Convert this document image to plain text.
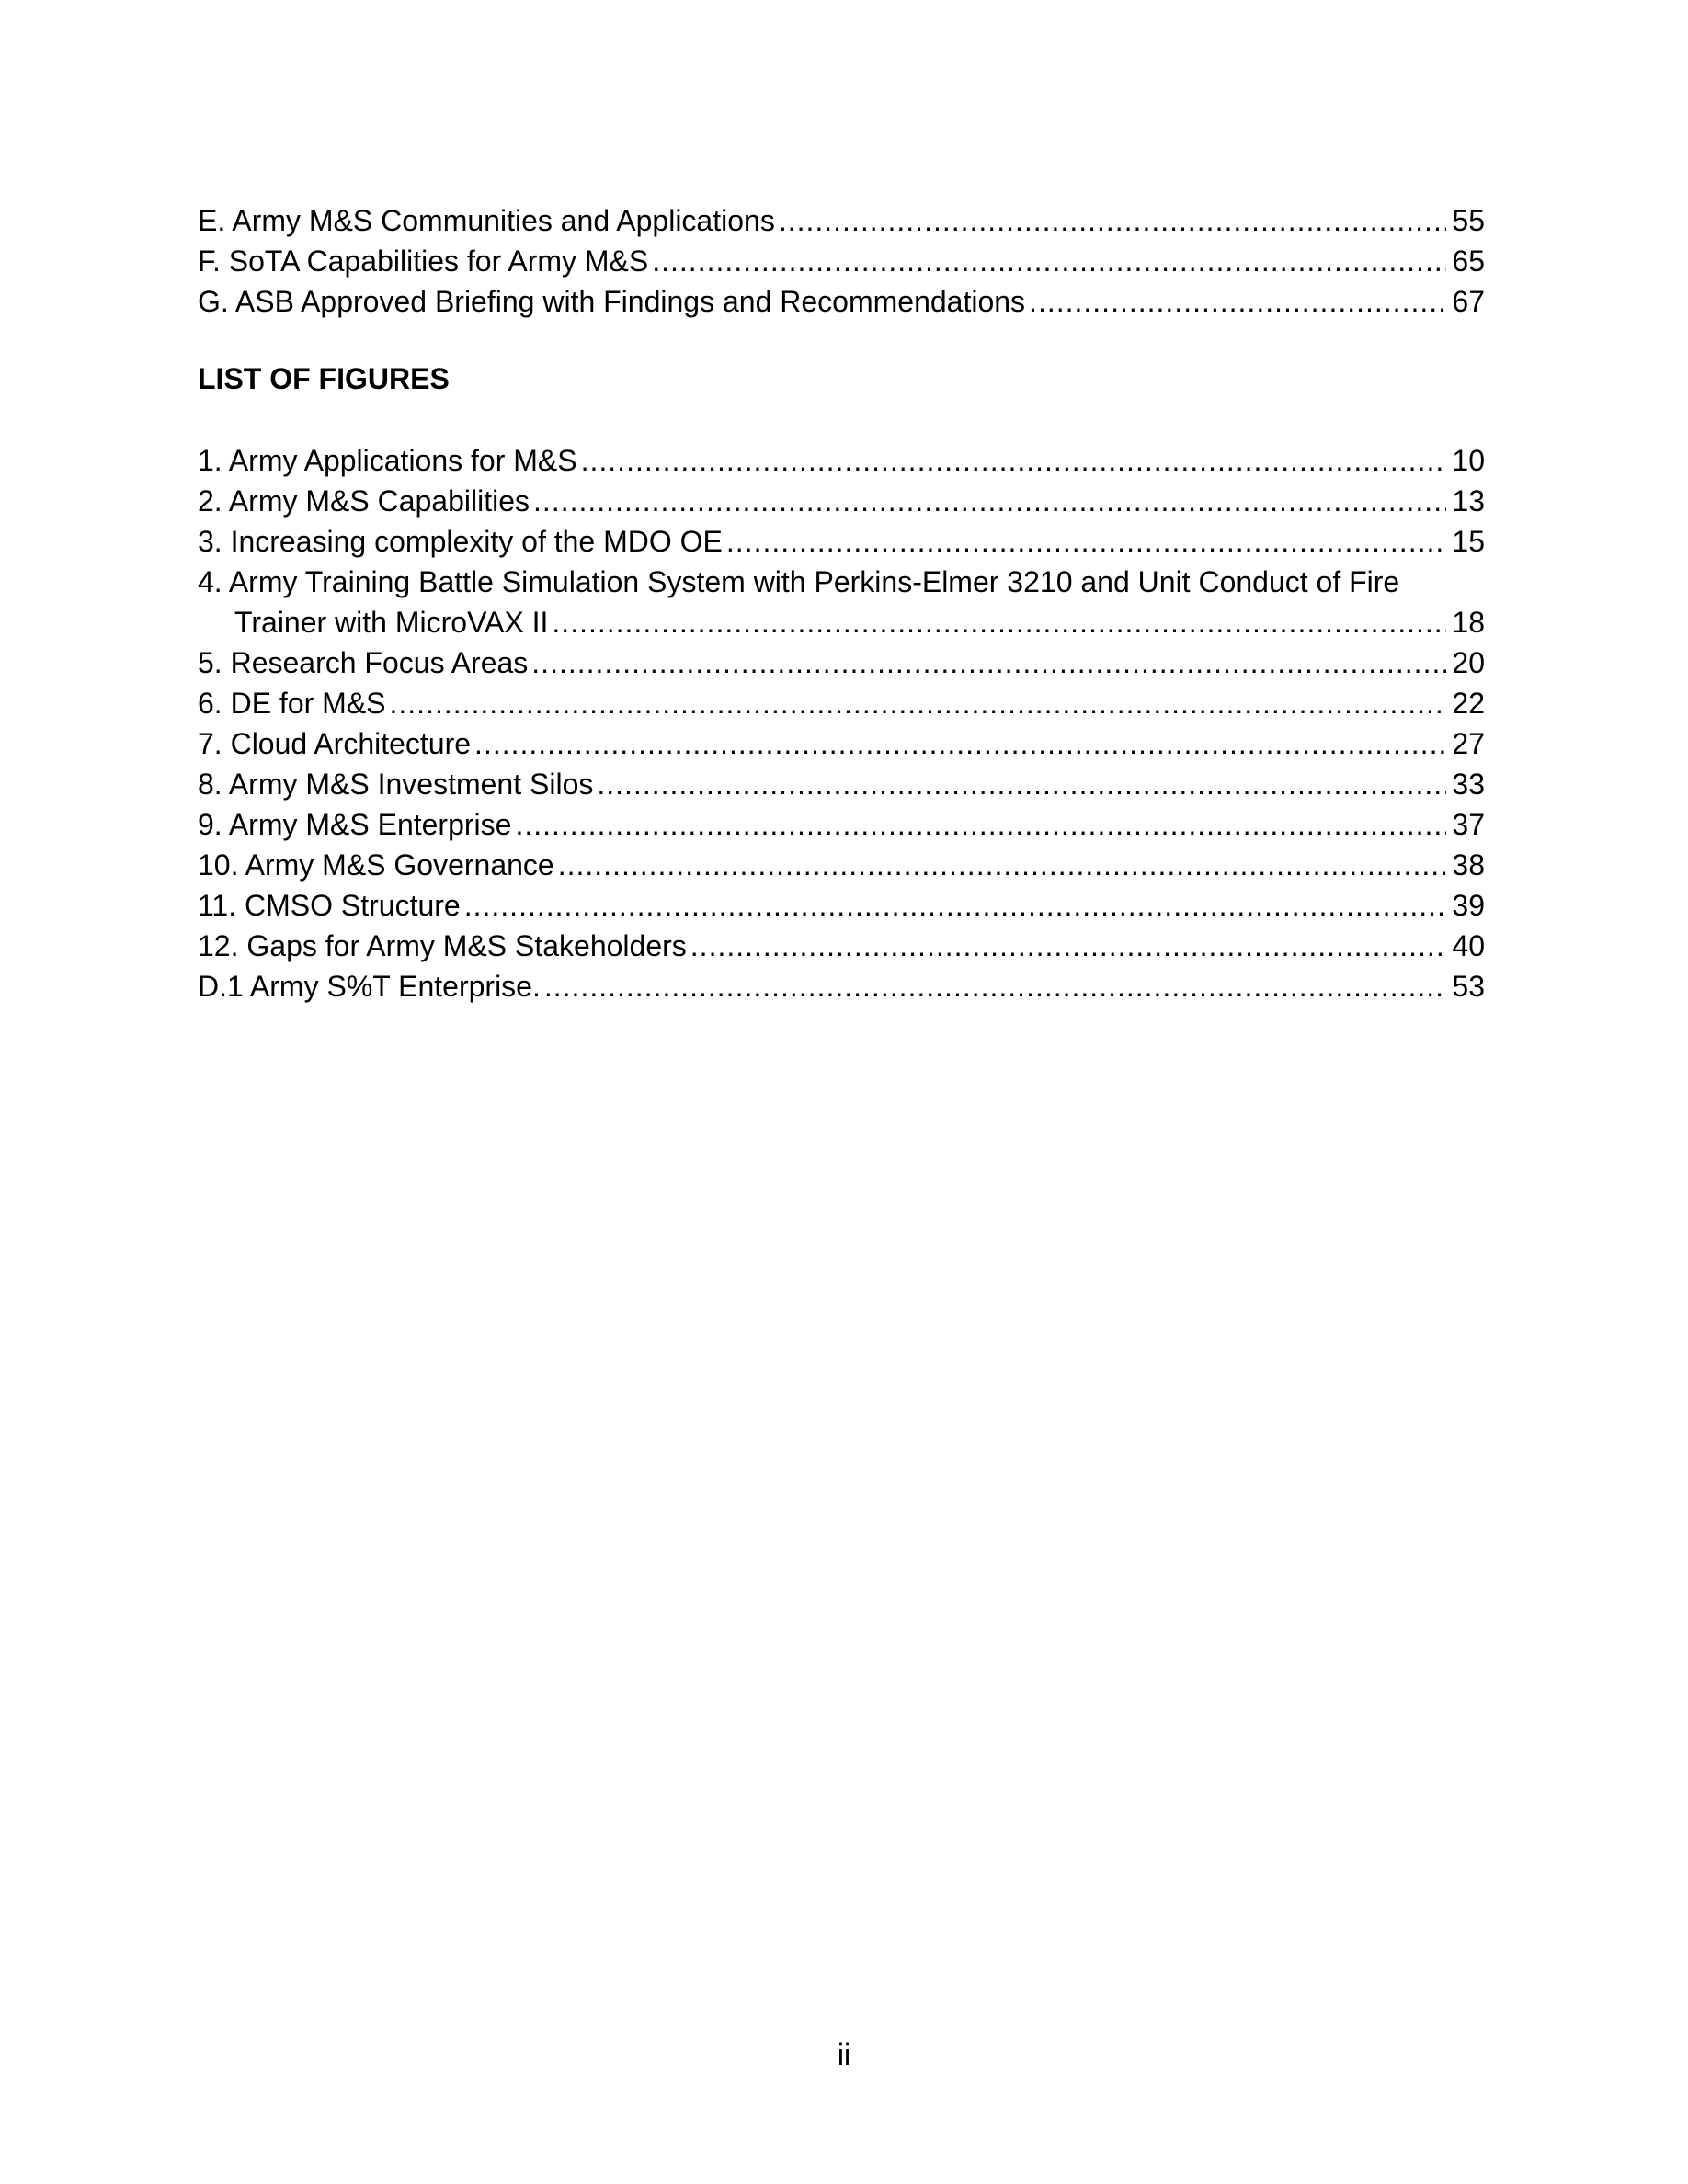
E. Army M&S Communities and Applications .....	55
F. SoTA Capabilities for Army M&S .....	65
G. ASB Approved Briefing with Findings and Recommendations .....	67
LIST OF FIGURES
1. Army Applications for M&S .....	10
2. Army M&S Capabilities .....	13
3. Increasing complexity of the MDO OE .....	15
4. Army Training Battle Simulation System with Perkins-Elmer 3210 and Unit Conduct of Fire
Trainer with MicroVAX II .....	18
5. Research Focus Areas .....	20
6. DE for M&S .....	22
7. Cloud Architecture .....	27
8. Army M&S Investment Silos .....	33
9. Army M&S Enterprise .....	37
10. Army M&S Governance .....	38
11. CMSO Structure .....	39
12. Gaps for Army M&S Stakeholders .....	40
D.1 Army S%T Enterprise. .....	53
ii
